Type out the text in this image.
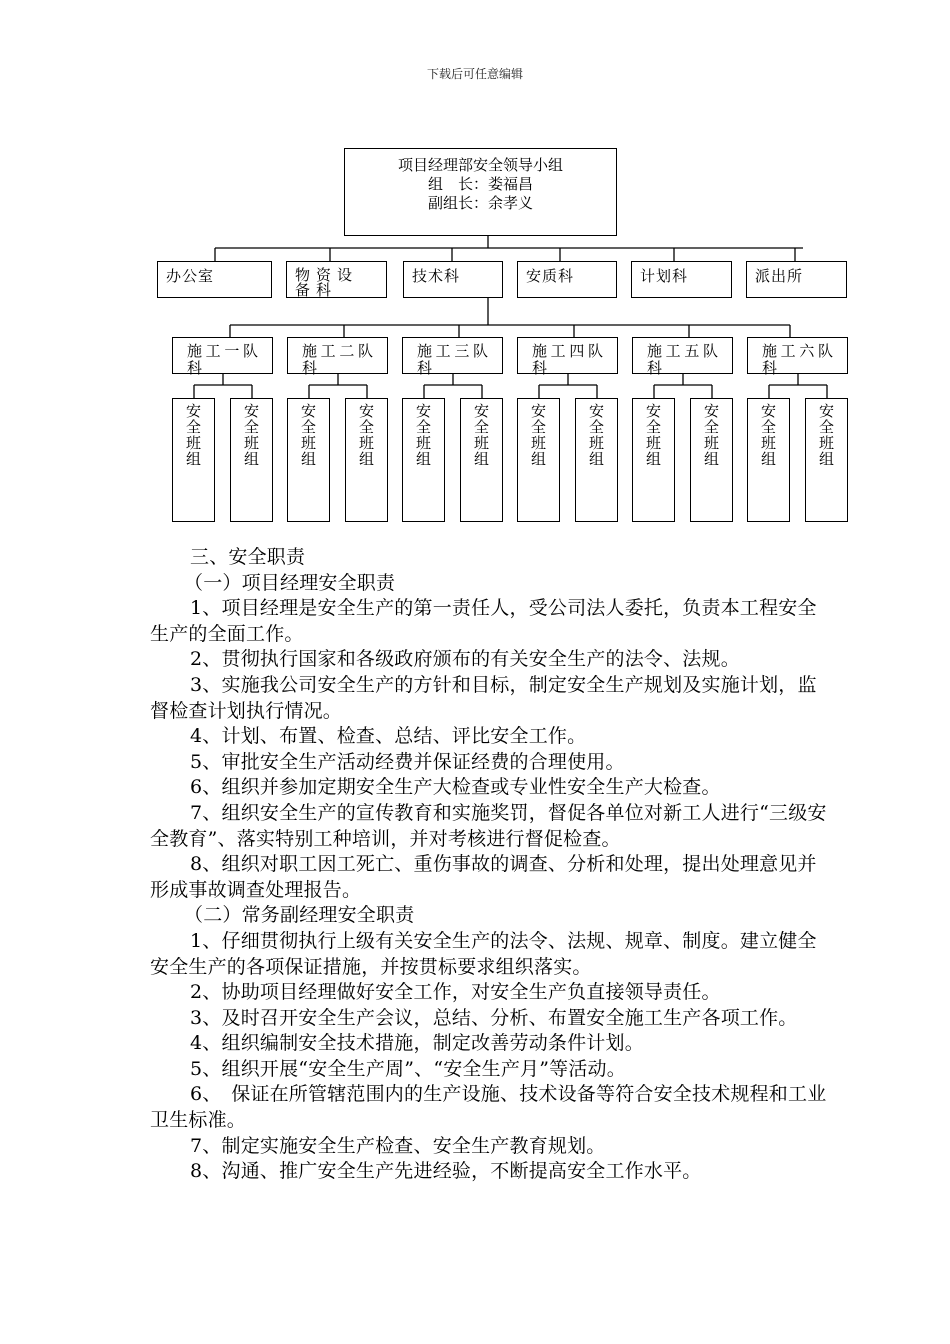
下载后可任意编辑
项目经理部安全领导小组
组　长：娄福昌
副组长：余孝义
办公室	物资设备科
技术科	安质科	计划科	派出所
施工一队
科
施工二队
科
施工三队
科
施工四队
科
施工五队
科
施工六队
科
安全班组	安全班组	安全班组	安全班组	安全班组	安全班组	安全班组	安全班组	安全班组	安全班组	安全班组	安全班组

三、安全职责

（一）项目经理安全职责

1、项目经理是安全生产的第一责任人，受公司法人委托，负责本工程安全生产的全面工作。

2、贯彻执行国家和各级政府颁布的有关安全生产的法令、法规。

3、实施我公司安全生产的方针和目标，制定安全生产规划及实施计划，监督检查计划执行情况。

4、计划、布置、检查、总结、评比安全工作。

5、审批安全生产活动经费并保证经费的合理使用。

6、组织并参加定期安全生产大检查或专业性安全生产大检查。

7、组织安全生产的宣传教育和实施奖罚，督促各单位对新工人进行“三级安全教育”、落实特别工种培训，并对考核进行督促检查。

8、组织对职工因工死亡、重伤事故的调查、分析和处理，提出处理意见并形成事故调查处理报告。

（二）常务副经理安全职责

1、仔细贯彻执行上级有关安全生产的法令、法规、规章、制度。建立健全安全生产的各项保证措施，并按贯标要求组织落实。

2、协助项目经理做好安全工作，对安全生产负直接领导责任。

3、及时召开安全生产会议，总结、分析、布置安全施工生产各项工作。

4、组织编制安全技术措施，制定改善劳动条件计划。

5、组织开展“安全生产周”、“安全生产月”等活动。

6、　保证在所管辖范围内的生产设施、技术设备等符合安全技术规程和工业卫生标准。

7、制定实施安全生产检查、安全生产教育规划。

8、沟通、推广安全生产先进经验，不断提高安全工作水平。
